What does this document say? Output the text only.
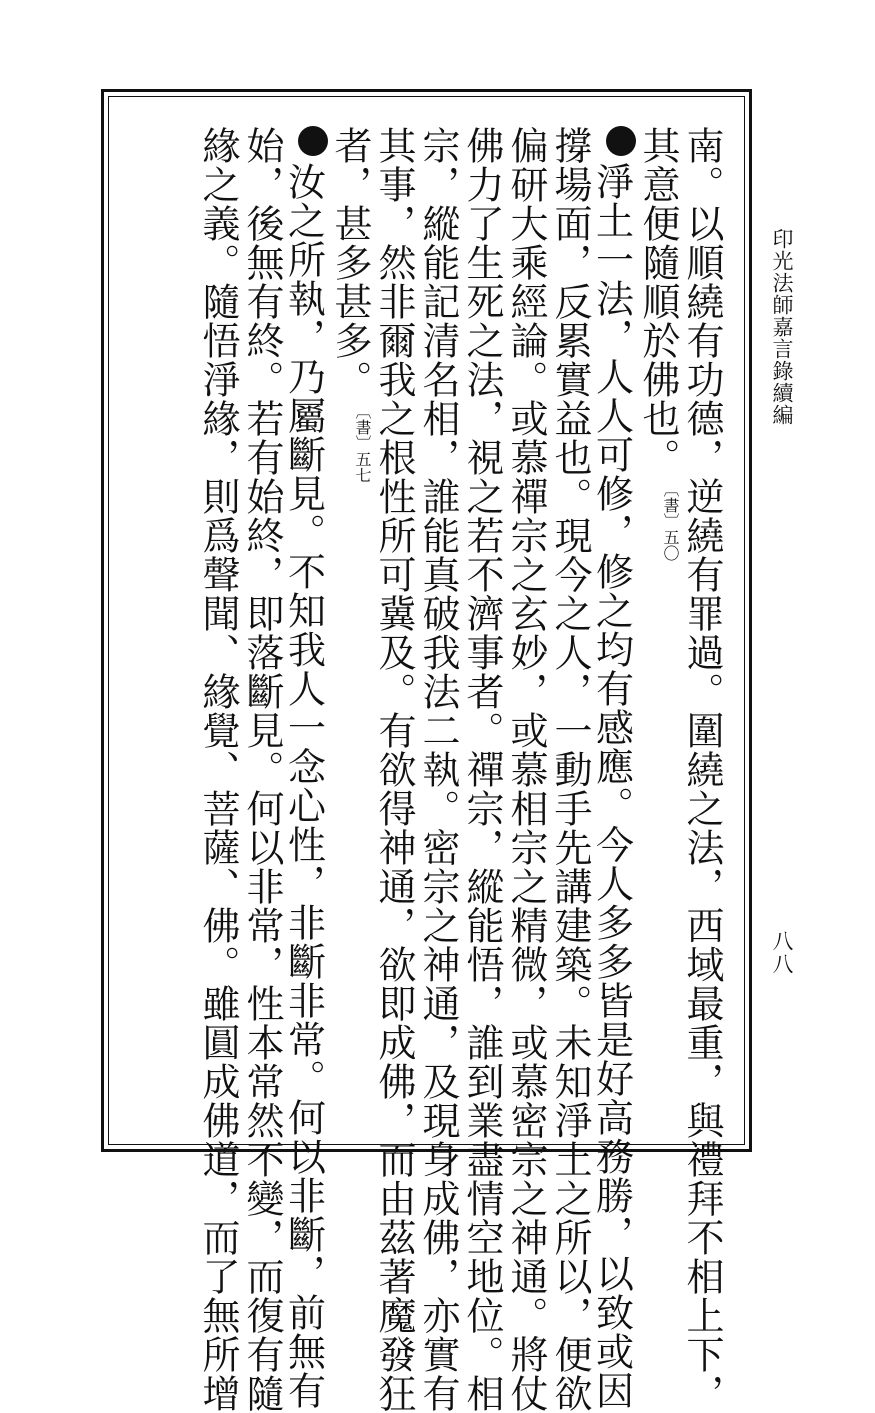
印光法師嘉言錄續編
八八
南。以順繞有功德，逆繞有罪過。圍繞之法，西域最重，與禮拜不相上下，
其意便隨順於佛也。〔書〕五〇
淨土一法，人人可修，修之均有感應。今人多多皆是好高務勝，以致或因
撐場面，反累實益也。現今之人，一動手先講建築。未知淨土之所以，便欲
偏研大乘經論。或慕禪宗之玄妙，或慕相宗之精微，或慕密宗之神通。將仗
佛力了生死之法，視之若不濟事者。禪宗，縱能悟，誰到業盡情空地位。相
宗，縱能記清名相，誰能真破我法二執。密宗之神通，及現身成佛，亦實有
其事，然非爾我之根性所可冀及。有欲得神通，欲即成佛，而由茲著魔發狂
者，甚多甚多。〔書〕五七
汝之所執，乃屬斷見。不知我人一念心性，非斷非常。何以非斷，前無有
始，後無有終。若有始終，即落斷見。何以非常，性本常然不變，而復有隨
緣之義。隨悟淨緣，則爲聲聞、緣覺、菩薩、佛。雖圓成佛道，而了無所增
